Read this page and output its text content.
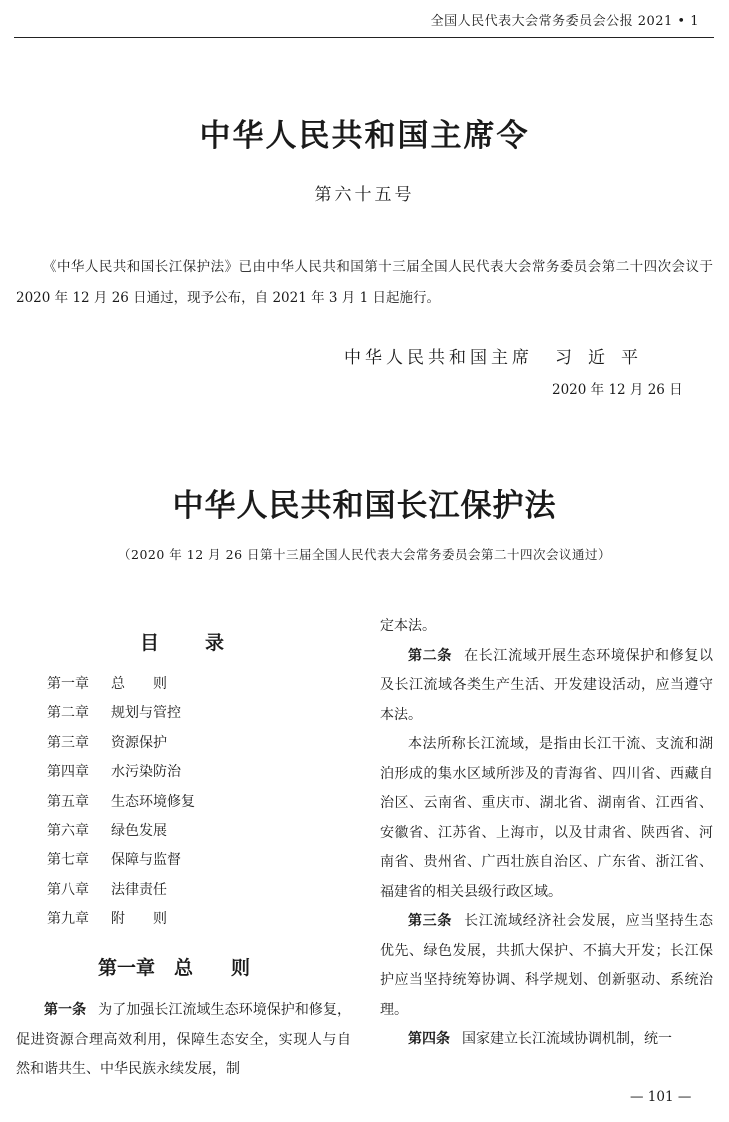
全国人民代表大会常务委员会公报 2021 • 1
中华人民共和国主席令
第六十五号

《中华人民共和国长江保护法》已由中华人民共和国第十三届全国人民代表大会常务委员会第二十四次会议于 2020 年 12 月 26 日通过，现予公布，自 2021 年 3 月 1 日起施行。

中华人民共和国主席 习近平
2020 年 12 月 26 日
中华人民共和国长江保护法
（2020 年 12 月 26 日第十三届全国人民代表大会常务委员会第二十四次会议通过）
目 录
第一章 总　　则
第二章 规划与管控
第三章 资源保护
第四章 水污染防治
第五章 生态环境修复
第六章 绿色发展
第七章 保障与监督
第八章 法律责任
第九章 附　　则
第一章　总　　则

第一条 为了加强长江流域生态环境保护和修复，促进资源合理高效利用，保障生态安全，实现人与自然和谐共生、中华民族永续发展，制

定本法。

第二条 在长江流域开展生态环境保护和修复以及长江流域各类生产生活、开发建设活动，应当遵守本法。

本法所称长江流域，是指由长江干流、支流和湖泊形成的集水区域所涉及的青海省、四川省、西藏自治区、云南省、重庆市、湖北省、湖南省、江西省、安徽省、江苏省、上海市，以及甘肃省、陕西省、河南省、贵州省、广西壮族自治区、广东省、浙江省、福建省的相关县级行政区域。

第三条 长江流域经济社会发展，应当坚持生态优先、绿色发展，共抓大保护、不搞大开发；长江保护应当坚持统筹协调、科学规划、创新驱动、系统治理。

第四条 国家建立长江流域协调机制，统一

— 101 —
